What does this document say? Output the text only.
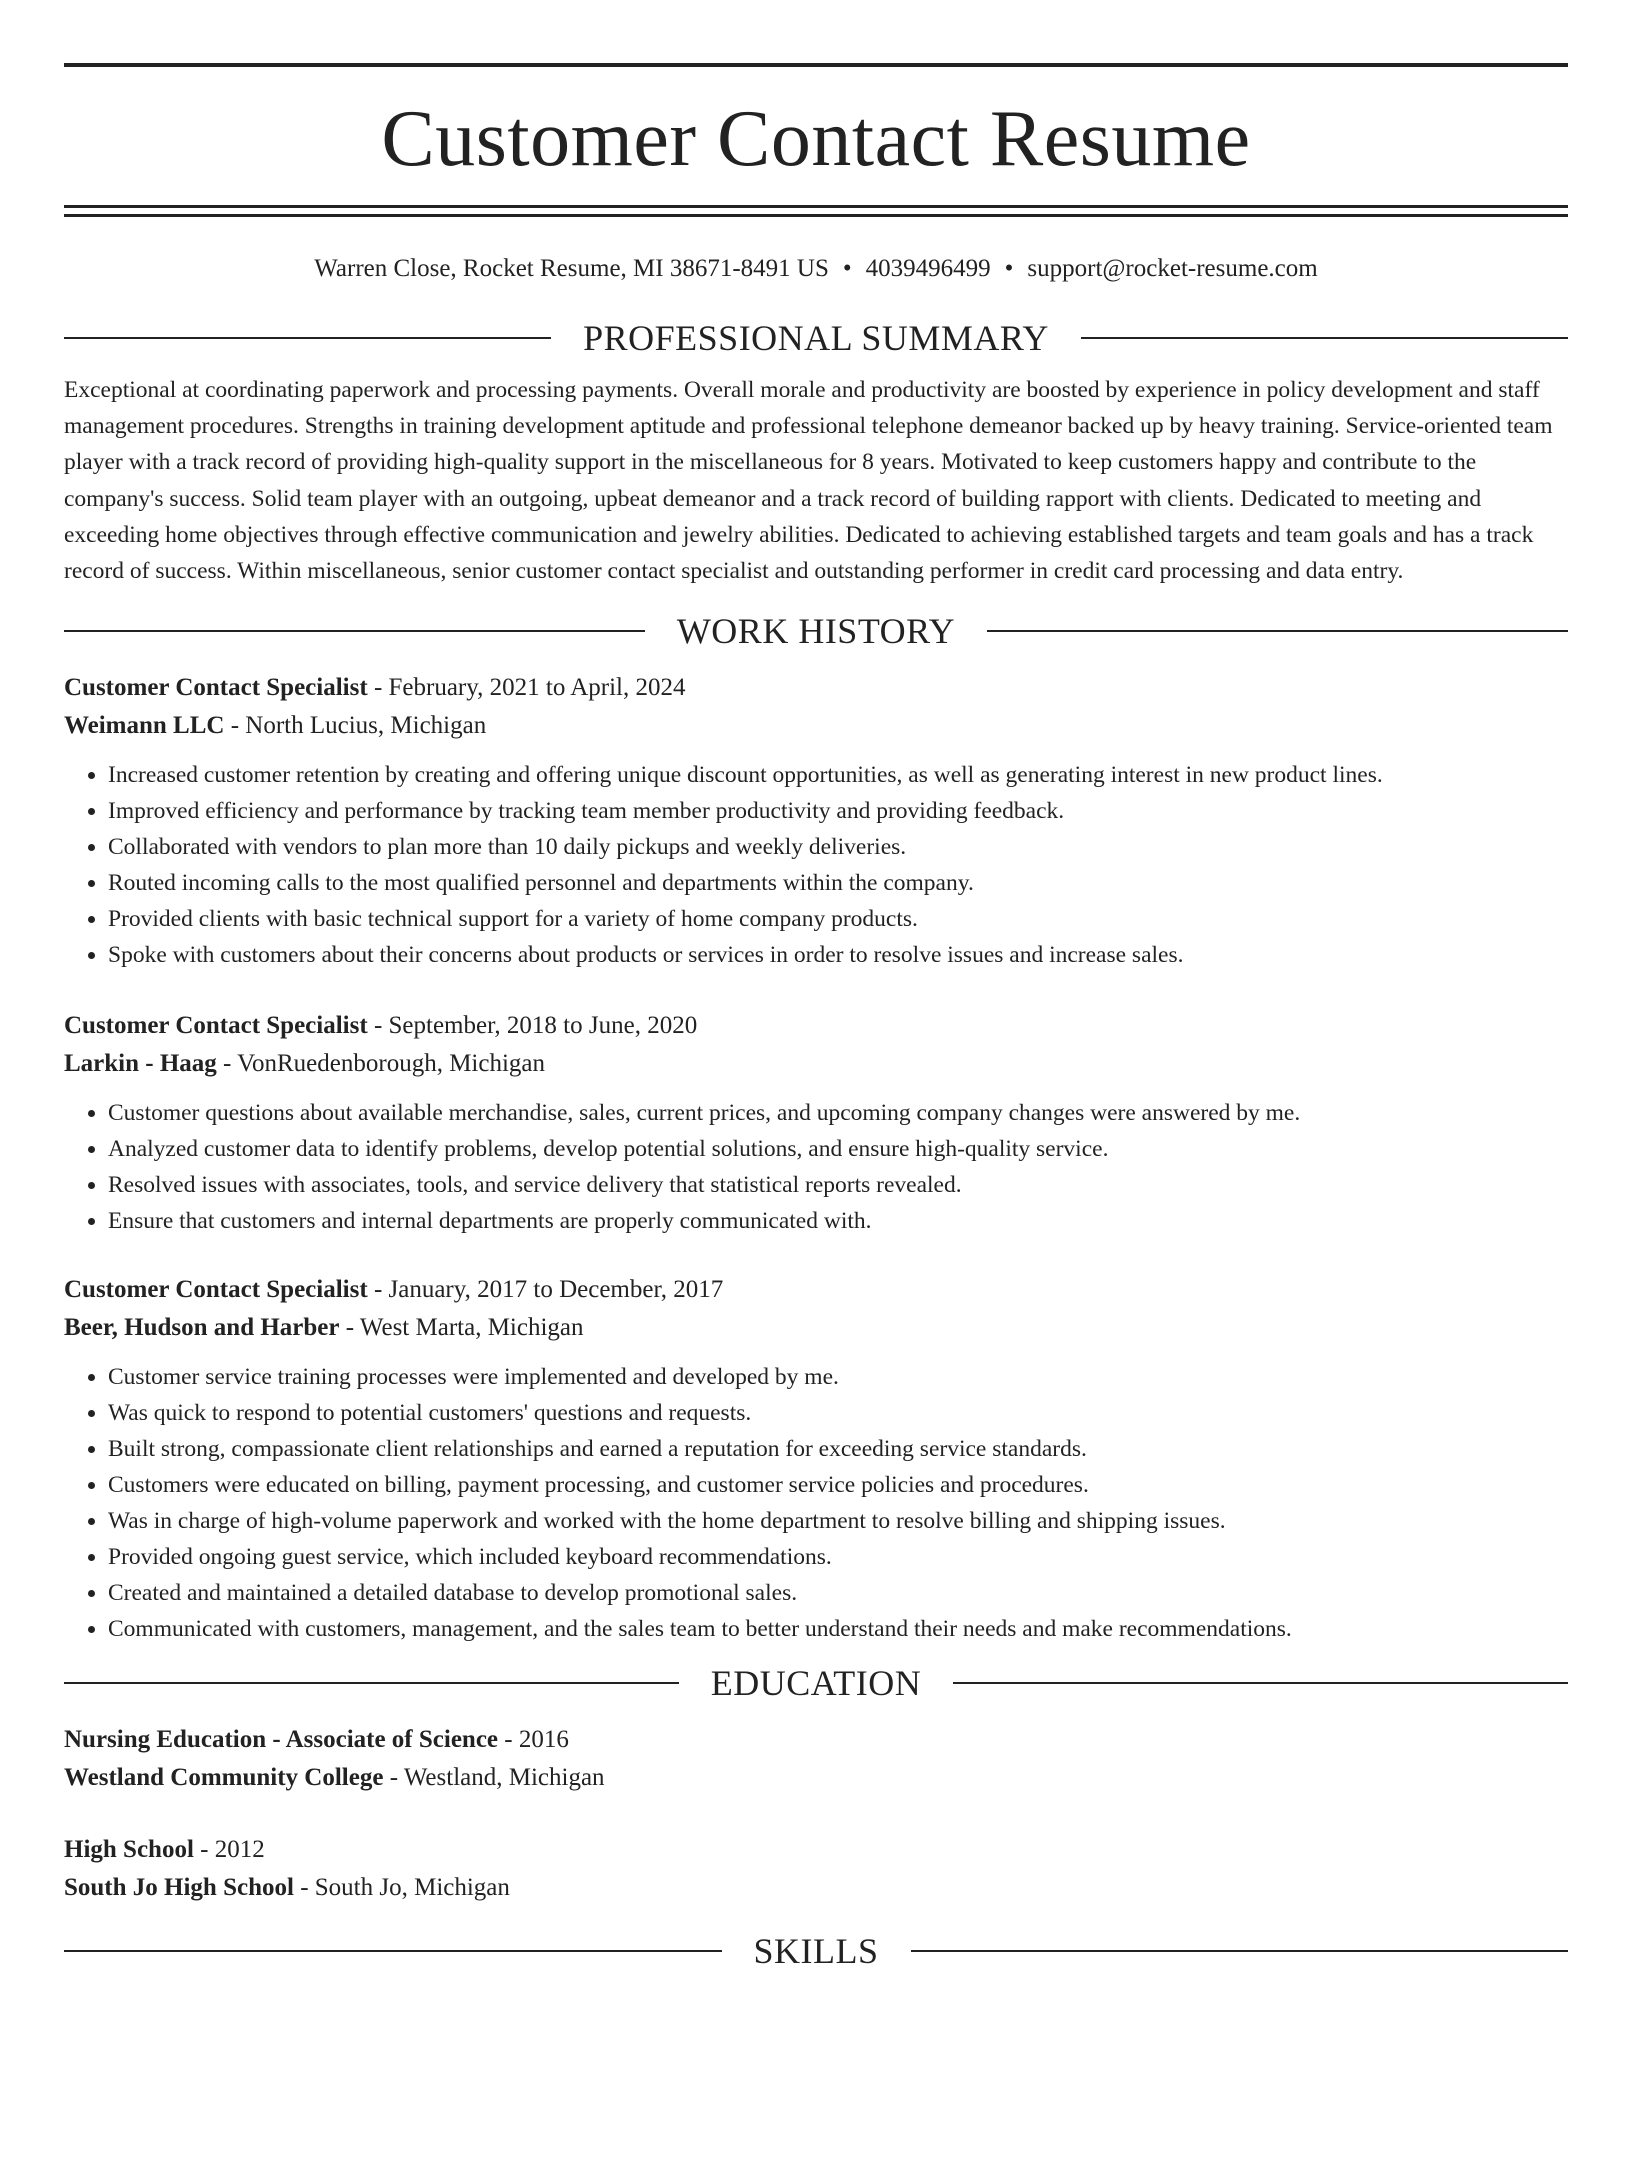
Customer Contact Resume
Warren Close, Rocket Resume, MI 38671-8491 US • 4039496499 • support@rocket-resume.com
PROFESSIONAL SUMMARY

Exceptional at coordinating paperwork and processing payments. Overall morale and productivity are boosted by experience in policy development and staff management procedures. Strengths in training development aptitude and professional telephone demeanor backed up by heavy training. Service-oriented team player with a track record of providing high-quality support in the miscellaneous for 8 years. Motivated to keep customers happy and contribute to the company's success. Solid team player with an outgoing, upbeat demeanor and a track record of building rapport with clients. Dedicated to meeting and exceeding home objectives through effective communication and jewelry abilities. Dedicated to achieving established targets and team goals and has a track record of success. Within miscellaneous, senior customer contact specialist and outstanding performer in credit card processing and data entry.

WORK HISTORY
Customer Contact Specialist - February, 2021 to April, 2024
Weimann LLC - North Lucius, Michigan
• Increased customer retention by creating and offering unique discount opportunities, as well as generating interest in new product lines.
• Improved efficiency and performance by tracking team member productivity and providing feedback.
• Collaborated with vendors to plan more than 10 daily pickups and weekly deliveries.
• Routed incoming calls to the most qualified personnel and departments within the company.
• Provided clients with basic technical support for a variety of home company products.
• Spoke with customers about their concerns about products or services in order to resolve issues and increase sales.
Customer Contact Specialist - September, 2018 to June, 2020
Larkin - Haag - VonRuedenborough, Michigan
• Customer questions about available merchandise, sales, current prices, and upcoming company changes were answered by me.
• Analyzed customer data to identify problems, develop potential solutions, and ensure high-quality service.
• Resolved issues with associates, tools, and service delivery that statistical reports revealed.
• Ensure that customers and internal departments are properly communicated with.
Customer Contact Specialist - January, 2017 to December, 2017
Beer, Hudson and Harber - West Marta, Michigan
• Customer service training processes were implemented and developed by me.
• Was quick to respond to potential customers' questions and requests.
• Built strong, compassionate client relationships and earned a reputation for exceeding service standards.
• Customers were educated on billing, payment processing, and customer service policies and procedures.
• Was in charge of high-volume paperwork and worked with the home department to resolve billing and shipping issues.
• Provided ongoing guest service, which included keyboard recommendations.
• Created and maintained a detailed database to develop promotional sales.
• Communicated with customers, management, and the sales team to better understand their needs and make recommendations.
EDUCATION
Nursing Education - Associate of Science - 2016
Westland Community College - Westland, Michigan
High School - 2012
South Jo High School - South Jo, Michigan
SKILLS
